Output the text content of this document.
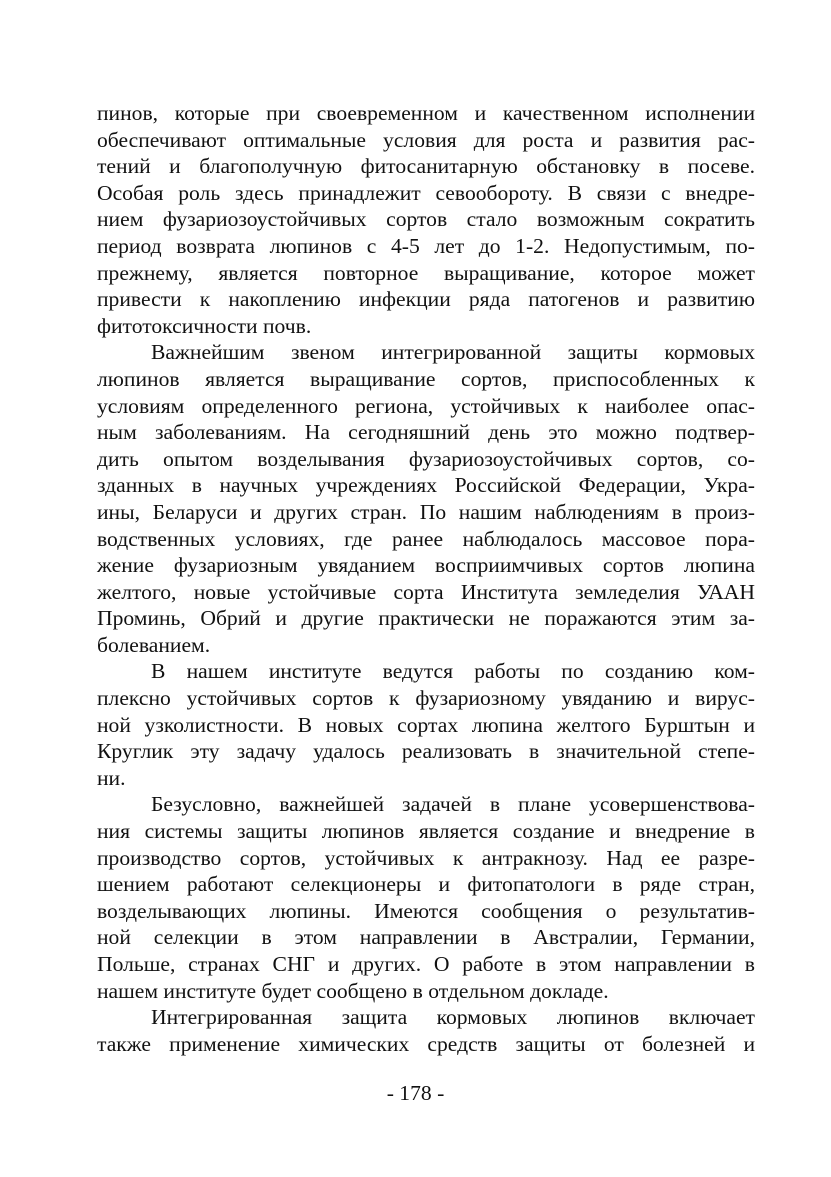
пинов, которые при своевременном и качественном исполнении
обеспечивают оптимальные условия для роста и развития рас-
тений и благополучную фитосанитарную обстановку в посеве.
Особая роль здесь принадлежит севообороту. В связи с внедре-
нием фузариозоустойчивых сортов стало возможным сократить
период возврата люпинов с 4-5 лет до 1-2. Недопустимым, по-
прежнему, является повторное выращивание, которое может
привести к накоплению инфекции ряда патогенов и развитию
фитотоксичности почв.
Важнейшим звеном интегрированной защиты кормовых
люпинов является выращивание сортов, приспособленных к
условиям определенного региона, устойчивых к наиболее опас-
ным заболеваниям. На сегодняшний день это можно подтвер-
дить опытом возделывания фузариозоустойчивых сортов, со-
зданных в научных учреждениях Российской Федерации, Укра-
ины, Беларуси и других стран. По нашим наблюдениям в произ-
водственных условиях, где ранее наблюдалось массовое пора-
жение фузариозным увяданием восприимчивых сортов люпина
желтого, новые устойчивые сорта Института земледелия УААН
Проминь, Обрий и другие практически не поражаются этим за-
болеванием.
В нашем институте ведутся работы по созданию ком-
плексно устойчивых сортов к фузариозному увяданию и вирус-
ной узколистности. В новых сортах люпина желтого Бурштын и
Круглик эту задачу удалось реализовать в значительной степе-
ни.
Безусловно, важнейшей задачей в плане усовершенствова-
ния системы защиты люпинов является создание и внедрение в
производство сортов, устойчивых к антракнозу. Над ее разре-
шением работают селекционеры и фитопатологи в ряде стран,
возделывающих люпины. Имеются сообщения о результатив-
ной селекции в этом направлении в Австралии, Германии,
Польше, странах СНГ и других. О работе в этом направлении в
нашем институте будет сообщено в отдельном докладе.
Интегрированная защита кормовых люпинов включает
также применение химических средств защиты от болезней и
- 178 -
